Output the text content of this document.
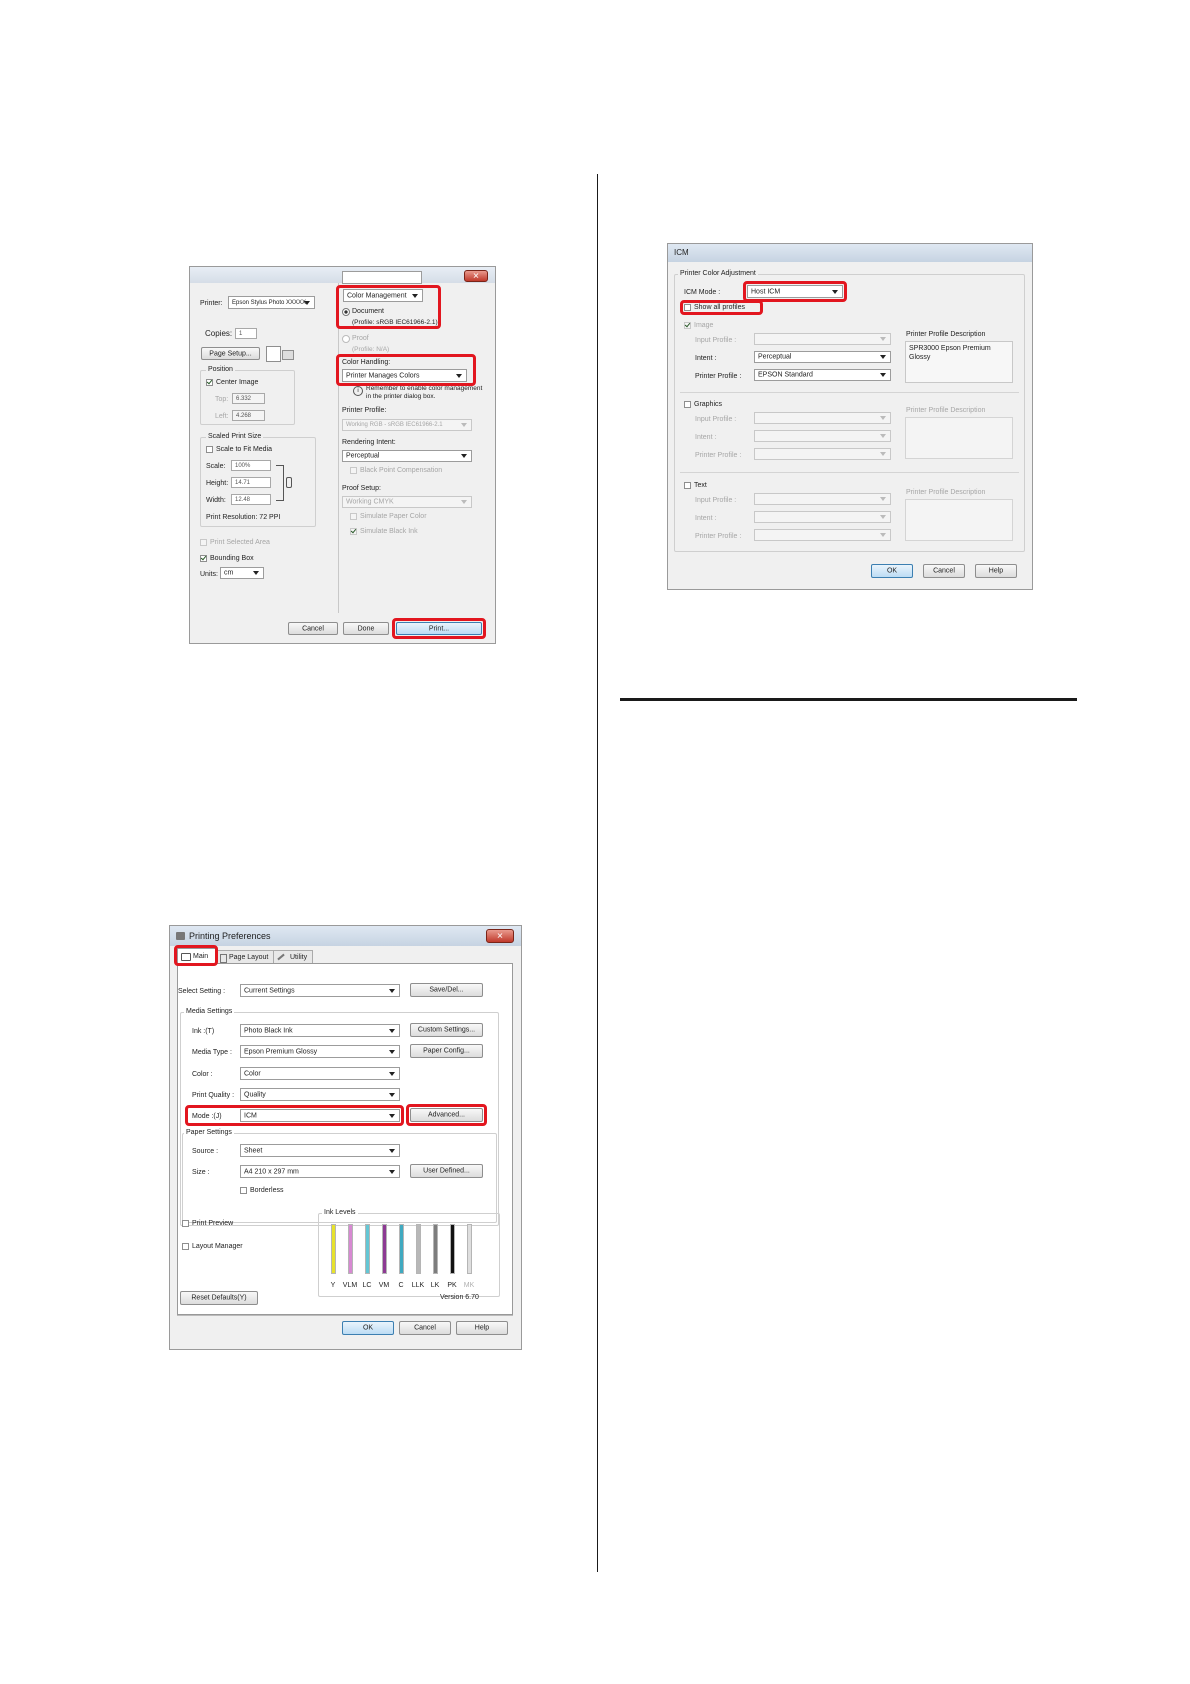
✕
Printer: Epson Stylus Photo XXXXX
Copies: 1
Page Setup...
Position
Center Image
Top: 6.332
Left: 4.268
Scaled Print Size
Scale to Fit Media
Scale: 100%
Height: 14.71
Width: 12.48
Print Resolution: 72 PPI
Print Selected Area
Bounding Box
Units: cm
Color Management
Document
(Profile: sRGB IEC61966-2.1)
Proof
(Profile: N/A)
Color Handling:
Printer Manages Colors
i	Remember to enable color management
in the printer dialog box.
Printer Profile:
Working RGB - sRGB IEC61966-2.1
Rendering Intent:
Perceptual
Black Point Compensation
Proof Setup:
Working CMYK
Simulate Paper Color
Simulate Black Ink
Cancel	Done	Print...
Printing Preferences
✕
Main	Page Layout	Utility
Select Setting :	Current Settings	Save/Del...
Media Settings
Ink :(T)	Photo Black Ink	Custom Settings...
Media Type : Epson Premium Glossy	Paper Config...
Color :	Color
Print Quality : Quality
Mode :(J)	ICM	Advanced...
Paper Settings
Source :	Sheet
Size :	A4 210 x 297 mm	User Defined...
Borderless
Print Preview
Layout Manager
Ink Levels
Y VLM LC VM C LLK LK PK MK
Reset Defaults(Y)	Version 6.70
OK	Cancel	Help
ICM
Printer Color Adjustment
ICM Mode :	Host ICM
Show all profiles
Image
Input Profile :
Intent :	Perceptual
Printer Profile : EPSON Standard
Printer Profile Description
SPR3000 Epson Premium
Glossy
Graphics
Input Profile :
Intent :
Printer Profile :
Printer Profile Description
Text
Input Profile :
Intent :
Printer Profile :
Printer Profile Description
OK	Cancel	Help
